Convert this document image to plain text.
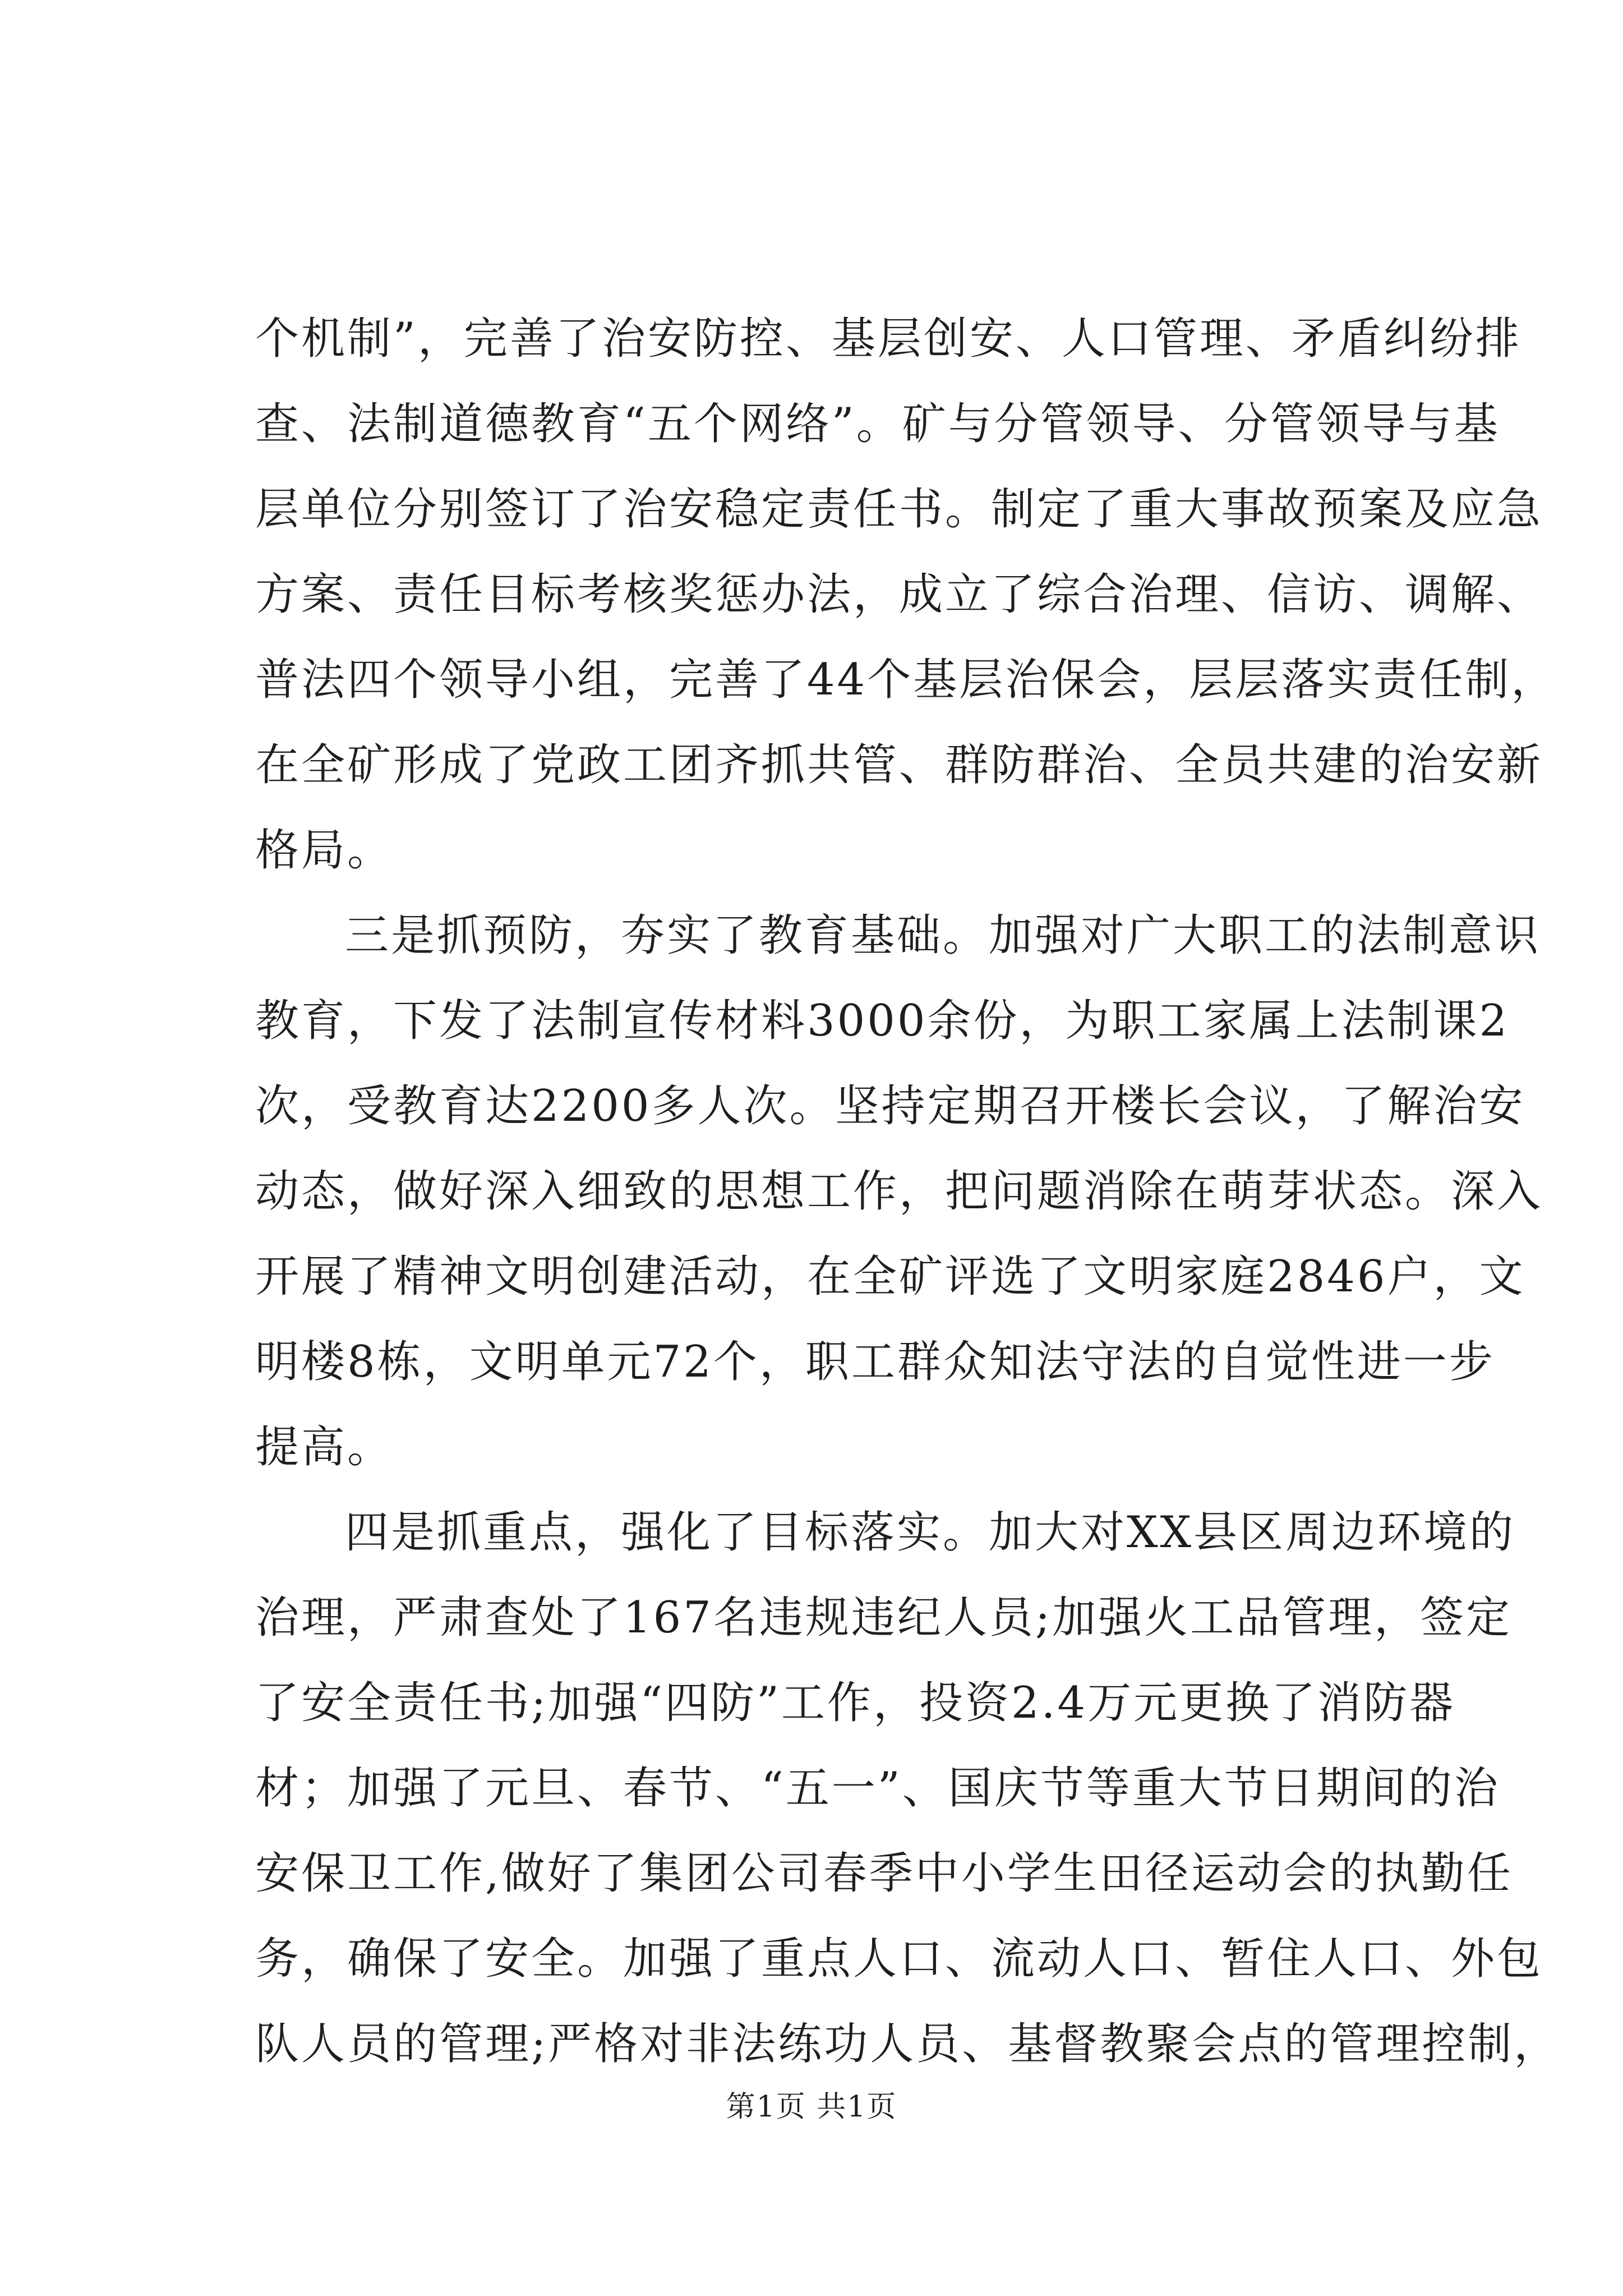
个机制”，完善了治安防控、基层创安、人口管理、矛盾纠纷排
查、法制道德教育“五个网络”。矿与分管领导、分管领导与基
层单位分别签订了治安稳定责任书。制定了重大事故预案及应急
方案、责任目标考核奖惩办法，成立了综合治理、信访、调解、
普法四个领导小组，完善了44个基层治保会，层层落实责任制，
在全矿形成了党政工团齐抓共管、群防群治、全员共建的治安新
格局。
三是抓预防，夯实了教育基础。加强对广大职工的法制意识
教育，下发了法制宣传材料3000余份，为职工家属上法制课2
次，受教育达2200多人次。坚持定期召开楼长会议，了解治安
动态，做好深入细致的思想工作，把问题消除在萌芽状态。深入
开展了精神文明创建活动，在全矿评选了文明家庭2846户，文
明楼8栋，文明单元72个，职工群众知法守法的自觉性进一步
提高。
四是抓重点，强化了目标落实。加大对XX县区周边环境的
治理，严肃查处了167名违规违纪人员;加强火工品管理，签定
了安全责任书;加强“四防”工作，投资2.4万元更换了消防器
材；加强了元旦、春节、“五一”、国庆节等重大节日期间的治
安保卫工作,做好了集团公司春季中小学生田径运动会的执勤任
务，确保了安全。加强了重点人口、流动人口、暂住人口、外包
队人员的管理;严格对非法练功人员、基督教聚会点的管理控制，
第1页 共1页
